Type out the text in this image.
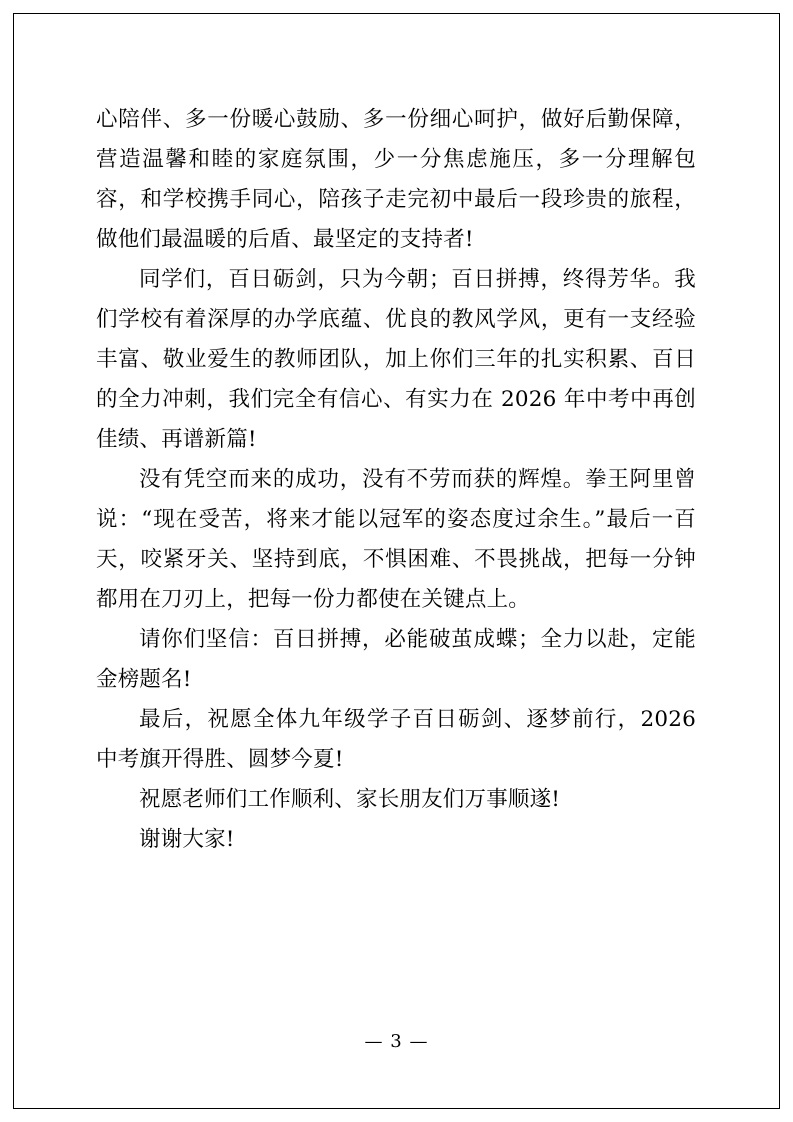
心陪伴、多一份暖心鼓励、多一份细心呵护，做好后勤保障，营造温馨和睦的家庭氛围，少一分焦虑施压，多一分理解包容，和学校携手同心，陪孩子走完初中最后一段珍贵的旅程，做他们最温暖的后盾、最坚定的支持者!

同学们，百日砺剑，只为今朝；百日拼搏，终得芳华。我们学校有着深厚的办学底蕴、优良的教风学风，更有一支经验丰富、敬业爱生的教师团队，加上你们三年的扎实积累、百日的全力冲刺，我们完全有信心、有实力在 2026 年中考中再创佳绩、再谱新篇!

没有凭空而来的成功，没有不劳而获的辉煌。拳王阿里曾说：“现在受苦，将来才能以冠军的姿态度过余生。”最后一百天，咬紧牙关、坚持到底，不惧困难、不畏挑战，把每一分钟都用在刀刃上，把每一份力都使在关键点上。

请你们坚信：百日拼搏，必能破茧成蝶；全力以赴，定能金榜题名!

最后，祝愿全体九年级学子百日砺剑、逐梦前行，2026 中考旗开得胜、圆梦今夏!

祝愿老师们工作顺利、家长朋友们万事顺遂!

谢谢大家!

— 3 —
